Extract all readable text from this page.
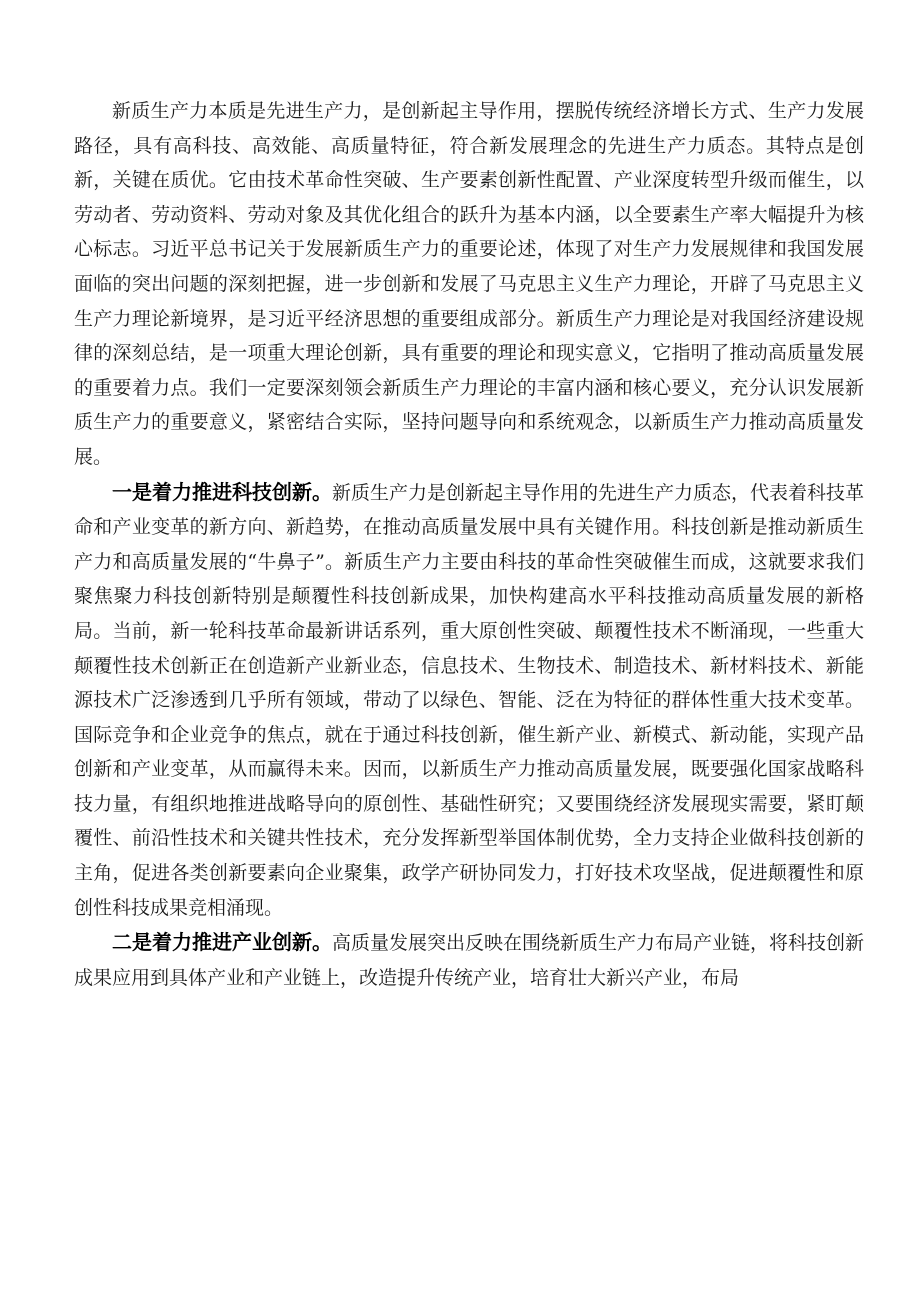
新质生产力本质是先进生产力，是创新起主导作用，摆脱传统经济增长方式、生产力发展路径，具有高科技、高效能、高质量特征，符合新发展理念的先进生产力质态。其特点是创新，关键在质优。它由技术革命性突破、生产要素创新性配置、产业深度转型升级而催生，以劳动者、劳动资料、劳动对象及其优化组合的跃升为基本内涵，以全要素生产率大幅提升为核心标志。习近平总书记关于发展新质生产力的重要论述，体现了对生产力发展规律和我国发展面临的突出问题的深刻把握，进一步创新和发展了马克思主义生产力理论，开辟了马克思主义生产力理论新境界，是习近平经济思想的重要组成部分。新质生产力理论是对我国经济建设规律的深刻总结，是一项重大理论创新，具有重要的理论和现实意义，它指明了推动高质量发展的重要着力点。我们一定要深刻领会新质生产力理论的丰富内涵和核心要义，充分认识发展新质生产力的重要意义，紧密结合实际，坚持问题导向和系统观念，以新质生产力推动高质量发展。

一是着力推进科技创新。新质生产力是创新起主导作用的先进生产力质态，代表着科技革命和产业变革的新方向、新趋势，在推动高质量发展中具有关键作用。科技创新是推动新质生产力和高质量发展的“牛鼻子”。新质生产力主要由科技的革命性突破催生而成，这就要求我们聚焦聚力科技创新特别是颠覆性科技创新成果，加快构建高水平科技推动高质量发展的新格局。当前，新一轮科技革命最新讲话系列，重大原创性突破、颠覆性技术不断涌现，一些重大颠覆性技术创新正在创造新产业新业态，信息技术、生物技术、制造技术、新材料技术、新能源技术广泛渗透到几乎所有领域，带动了以绿色、智能、泛在为特征的群体性重大技术变革。国际竞争和企业竞争的焦点，就在于通过科技创新，催生新产业、新模式、新动能，实现产品创新和产业变革，从而赢得未来。因而，以新质生产力推动高质量发展，既要强化国家战略科技力量，有组织地推进战略导向的原创性、基础性研究；又要围绕经济发展现实需要，紧盯颠覆性、前沿性技术和关键共性技术，充分发挥新型举国体制优势，全力支持企业做科技创新的主角，促进各类创新要素向企业聚集，政学产研协同发力，打好技术攻坚战，促进颠覆性和原创性科技成果竞相涌现。

二是着力推进产业创新。高质量发展突出反映在围绕新质生产力布局产业链，将科技创新成果应用到具体产业和产业链上，改造提升传统产业，培育壮大新兴产业，布局
